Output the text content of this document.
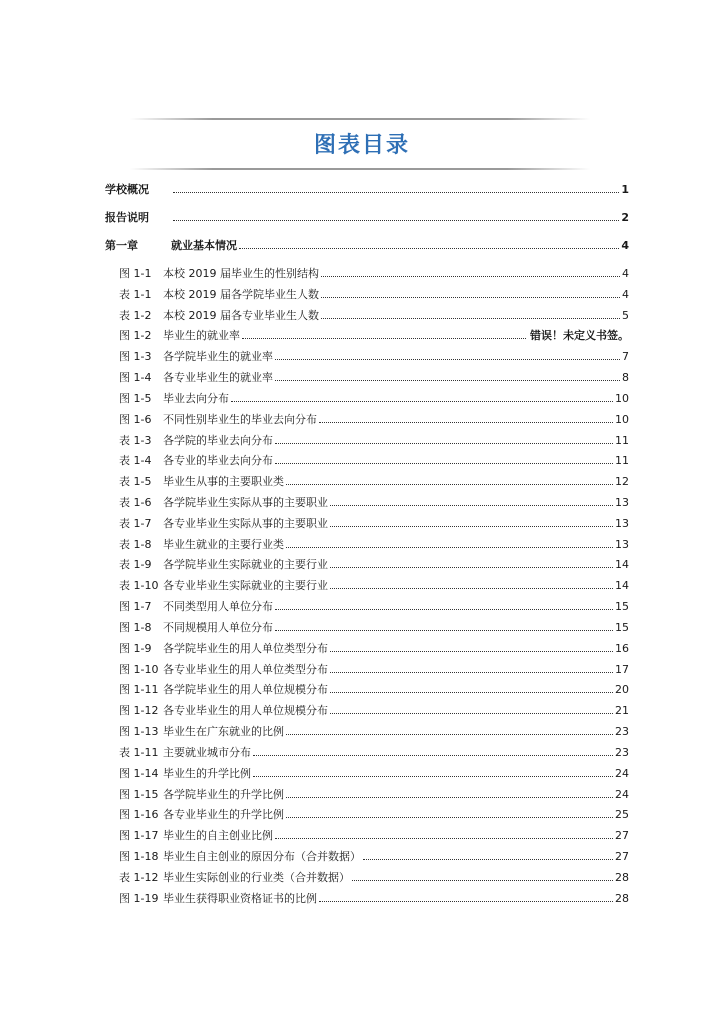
图表目录
学校概况	1
报告说明	2
第一章	就业基本情况	4
图 1-1	本校 2019 届毕业生的性别结构	4
表 1-1	本校 2019 届各学院毕业生人数	4
表 1-2	本校 2019 届各专业毕业生人数	5
图 1-2	毕业生的就业率	错误！未定义书签。
图 1-3	各学院毕业生的就业率	7
图 1-4	各专业毕业生的就业率	8
图 1-5	毕业去向分布	10
图 1-6	不同性别毕业生的毕业去向分布	10
表 1-3	各学院的毕业去向分布	11
表 1-4	各专业的毕业去向分布	11
表 1-5	毕业生从事的主要职业类	12
表 1-6	各学院毕业生实际从事的主要职业	13
表 1-7	各专业毕业生实际从事的主要职业	13
表 1-8	毕业生就业的主要行业类	13
表 1-9	各学院毕业生实际就业的主要行业	14
表 1-10 各专业毕业生实际就业的主要行业	14
图 1-7	不同类型用人单位分布	15
图 1-8	不同规模用人单位分布	15
图 1-9	各学院毕业生的用人单位类型分布	16
图 1-10 各专业毕业生的用人单位类型分布	17
图 1-11 各学院毕业生的用人单位规模分布	20
图 1-12 各专业毕业生的用人单位规模分布	21
图 1-13 毕业生在广东就业的比例	23
表 1-11 主要就业城市分布	23
图 1-14 毕业生的升学比例	24
图 1-15 各学院毕业生的升学比例	24
图 1-16 各专业毕业生的升学比例	25
图 1-17 毕业生的自主创业比例	27
图 1-18 毕业生自主创业的原因分布（合并数据）	27
表 1-12 毕业生实际创业的行业类（合并数据）	28
图 1-19 毕业生获得职业资格证书的比例	28
